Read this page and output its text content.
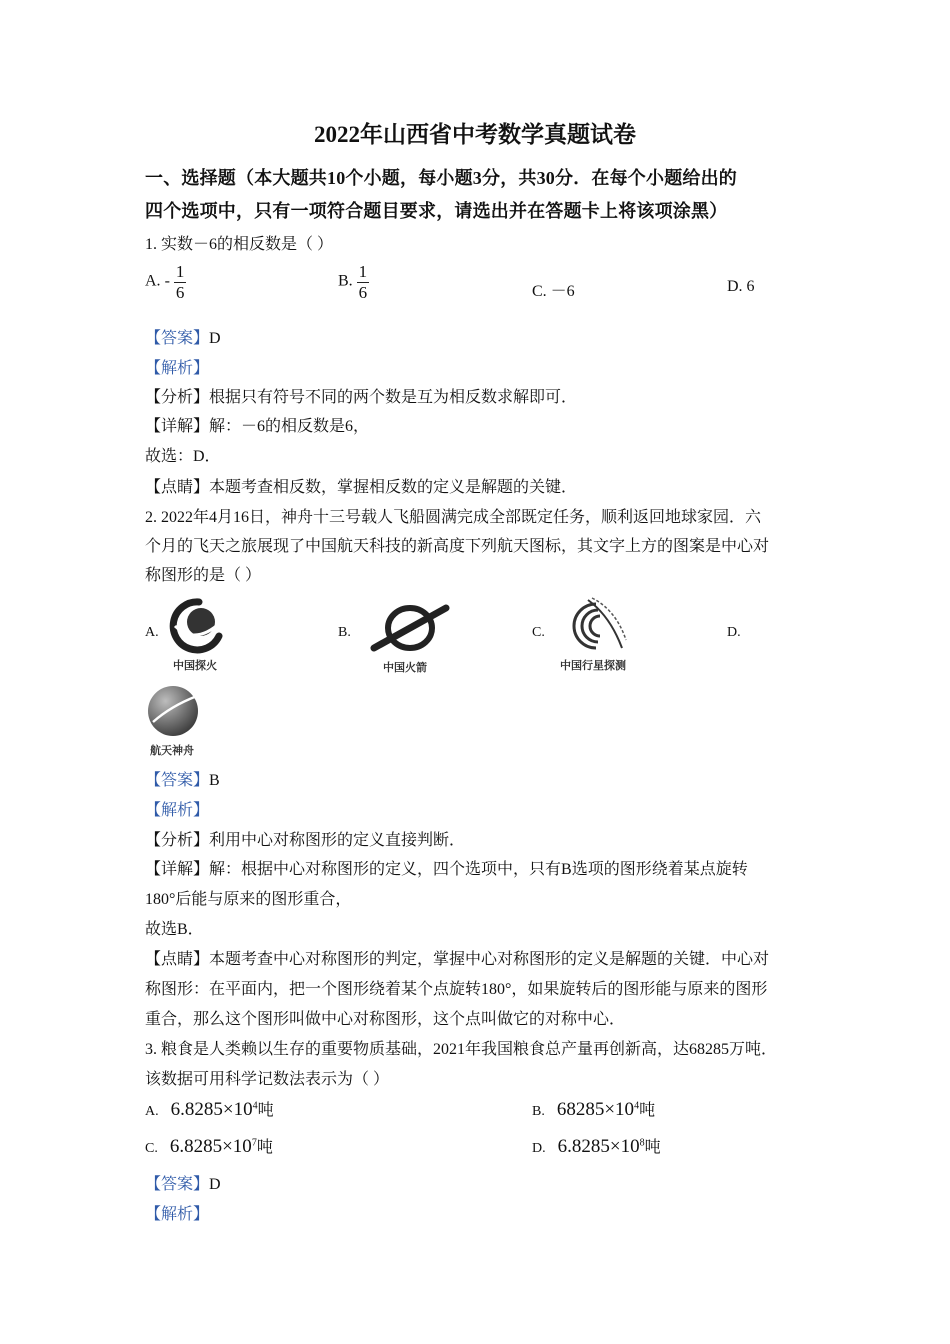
2022年山西省中考数学真题试卷
一、选择题（本大题共10个小题，每小题3分，共30分．在每个小题给出的
四个选项中，只有一项符合题目要求，请选出并在答题卡上将该项涂黑）
1. 实数－6的相反数是（ ）
A. - $\frac{1}{6}$	B. $\frac{1}{6}$	C. －6	D. 6
【答案】D
【解析】
【分析】根据只有符号不同的两个数是互为相反数求解即可．
【详解】解：－6的相反数是6，
故选：D．
【点睛】本题考查相反数，掌握相反数的定义是解题的关键．
2. 2022年4月16日，神舟十三号载人飞船圆满完成全部既定任务，顺利返回地球家园．六
个月的飞天之旅展现了中国航天科技的新高度下列航天图标，其文字上方的图案是中心对
称图形的是（ ）
A.	B.	C.	D.
中国探火	中国火箭	中国行星探测
航天神舟
【答案】B
【解析】
【分析】利用中心对称图形的定义直接判断．
【详解】解：根据中心对称图形的定义，四个选项中，只有B选项的图形绕着某点旋转
180°后能与原来的图形重合，
故选B．
【点睛】本题考查中心对称图形的判定，掌握中心对称图形的定义是解题的关键．中心对
称图形：在平面内，把一个图形绕着某个点旋转180°，如果旋转后的图形能与原来的图形
重合，那么这个图形叫做中心对称图形，这个点叫做它的对称中心．
3. 粮食是人类赖以生存的重要物质基础，2021年我国粮食总产量再创新高，达68285万吨．
该数据可用科学记数法表示为（ ）
A. $6.8285\times 10^4$吨	B. $68285\times 10^4$吨
C. $6.8285\times 10^7$吨	D. $6.8285\times 10^8$吨
【答案】D
【解析】
